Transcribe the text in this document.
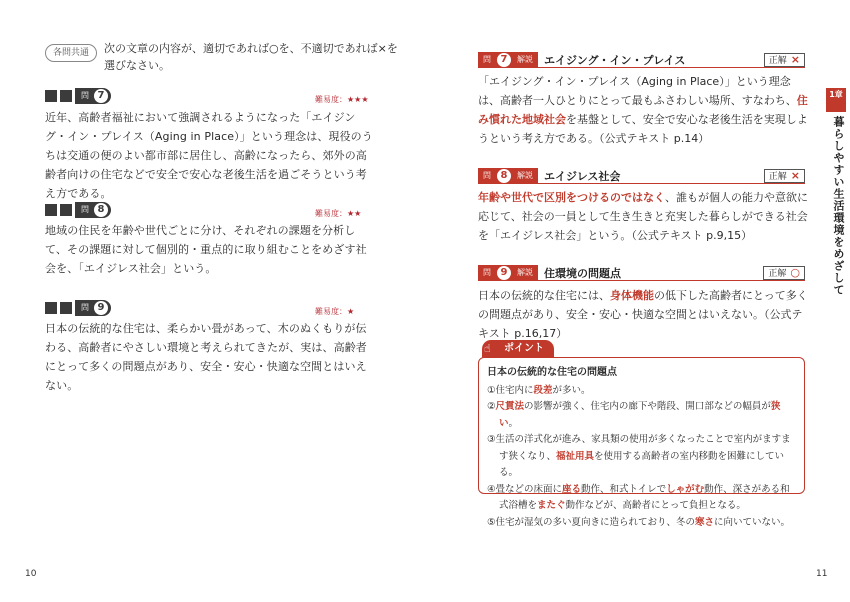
各問共通	次の文章の内容が、適切であれば○を、不適切であれば×を選びなさい。
問 7	難易度：★★★
近年、高齢者福祉において強調されるようになった「エイジング・イン・プレイス（Aging in Place）」という理念は、現役のうちは交通の便のよい都市部に居住し、高齢になったら、郊外の高齢者向けの住宅などで安全で安心な老後生活を過ごそうという考え方である。
問 8	難易度：★★
地域の住民を年齢や世代ごとに分け、それぞれの課題を分析して、その課題に対して個別的・重点的に取り組むことをめざす社会を、「エイジレス社会」という。
問 9	難易度：★
日本の伝統的な住宅は、柔らかい畳があって、木のぬくもりが伝わる、高齢者にやさしい環境と考えられてきたが、実は、高齢者にとって多くの問題点があり、安全・安心・快適な空間とはいえない。
10
問 7	解説 エイジング・イン・プレイス	正解 ×
「エイジング・イン・プレイス（Aging in Place）」という理念は、高齢者一人ひとりにとって最もふさわしい場所、すなわち、住み慣れた地域社会を基盤として、安全で安心な老後生活を実現しようという考え方である。（公式テキスト p.14）
問 8	解説 エイジレス社会	正解 ×
年齢や世代で区別をつけるのではなく、誰もが個人の能力や意欲に応じて、社会の一員として生き生きと充実した暮らしができる社会を「エイジレス社会」という。（公式テキスト p.9,15）
問 9	解説 住環境の問題点	正解 ○
日本の伝統的な住宅には、身体機能の低下した高齢者にとって多くの問題点があり、安全・安心・快適な空間とはいえない。（公式テキスト p.16,17）
ポイント
☝
日本の伝統的な住宅の問題点
①住宅内に段差が多い。
②尺貫法の影響が強く、住宅内の廊下や階段、開口部などの幅員が狭い。
③生活の洋式化が進み、家具類の使用が多くなったことで室内がますます狭くなり、福祉用具を使用する高齢者の室内移動を困難にしている。
④畳などの床面に座る動作、和式トイレでしゃがむ動作、深さがある和式浴槽をまたぐ動作などが、高齢者にとって負担となる。
⑤住宅が湿気の多い夏向きに造られており、冬の寒さに向いていない。
1章
暮らしやすい生活環境をめざして
11
